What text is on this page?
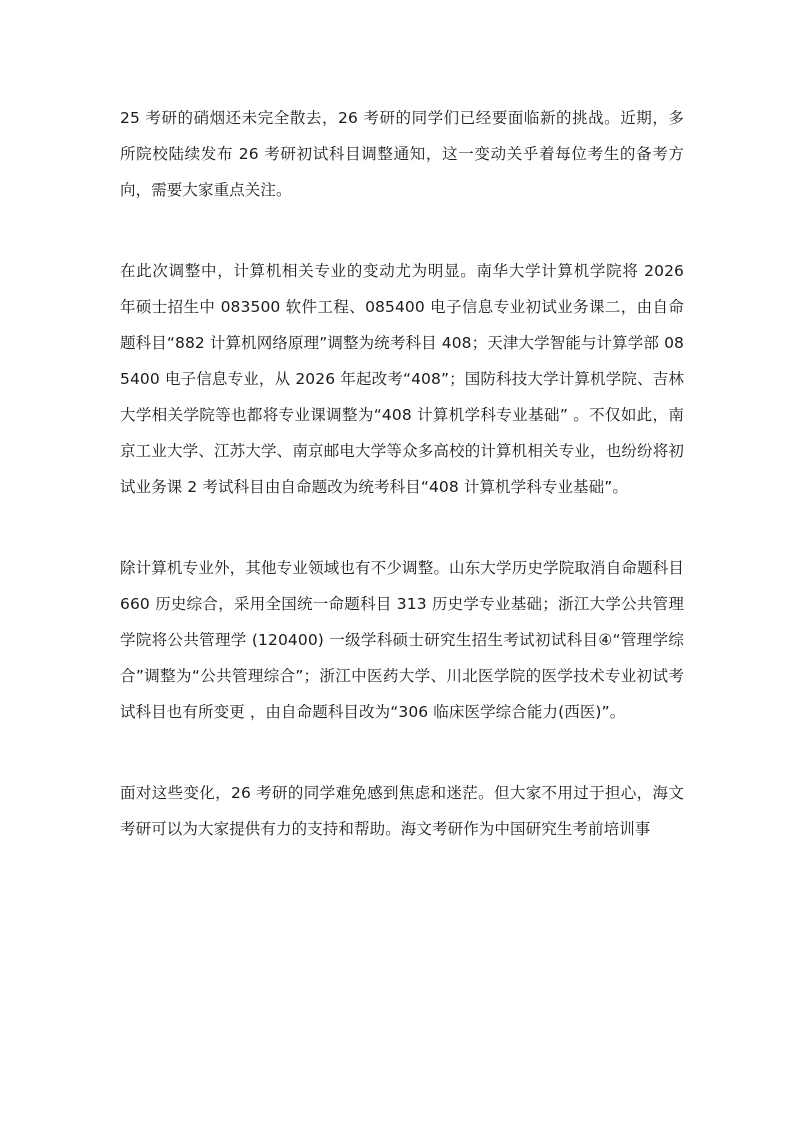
25 考研的硝烟还未完全散去，26 考研的同学们已经要面临新的挑战。近期，多所院校陆续发布 26 考研初试科目调整通知，这一变动关乎着每位考生的备考方向，需要大家重点关注。

在此次调整中，计算机相关专业的变动尤为明显。南华大学计算机学院将 2026 年硕士招生中 083500 软件工程、085400 电子信息专业初试业务课二，由自命题科目“882 计算机网络原理”调整为统考科目 408；天津大学智能与计算学部 085400 电子信息专业，从 2026 年起改考“408”；国防科技大学计算机学院、吉林大学相关学院等也都将专业课调整为“408 计算机学科专业基础” 。不仅如此，南京工业大学、江苏大学、南京邮电大学等众多高校的计算机相关专业，也纷纷将初试业务课 2 考试科目由自命题改为统考科目“408 计算机学科专业基础”。

除计算机专业外，其他专业领域也有不少调整。山东大学历史学院取消自命题科目 660 历史综合，采用全国统一命题科目 313 历史学专业基础；浙江大学公共管理学院将公共管理学 (120400) 一级学科硕士研究生招生考试初试科目④“管理学综合”调整为“公共管理综合”；浙江中医药大学、川北医学院的医学技术专业初试考试科目也有所变更 ，由自命题科目改为“306 临床医学综合能力(西医)”。

面对这些变化，26 考研的同学难免感到焦虑和迷茫。但大家不用过于担心，海文考研可以为大家提供有力的支持和帮助。海文考研作为中国研究生考前培训事
